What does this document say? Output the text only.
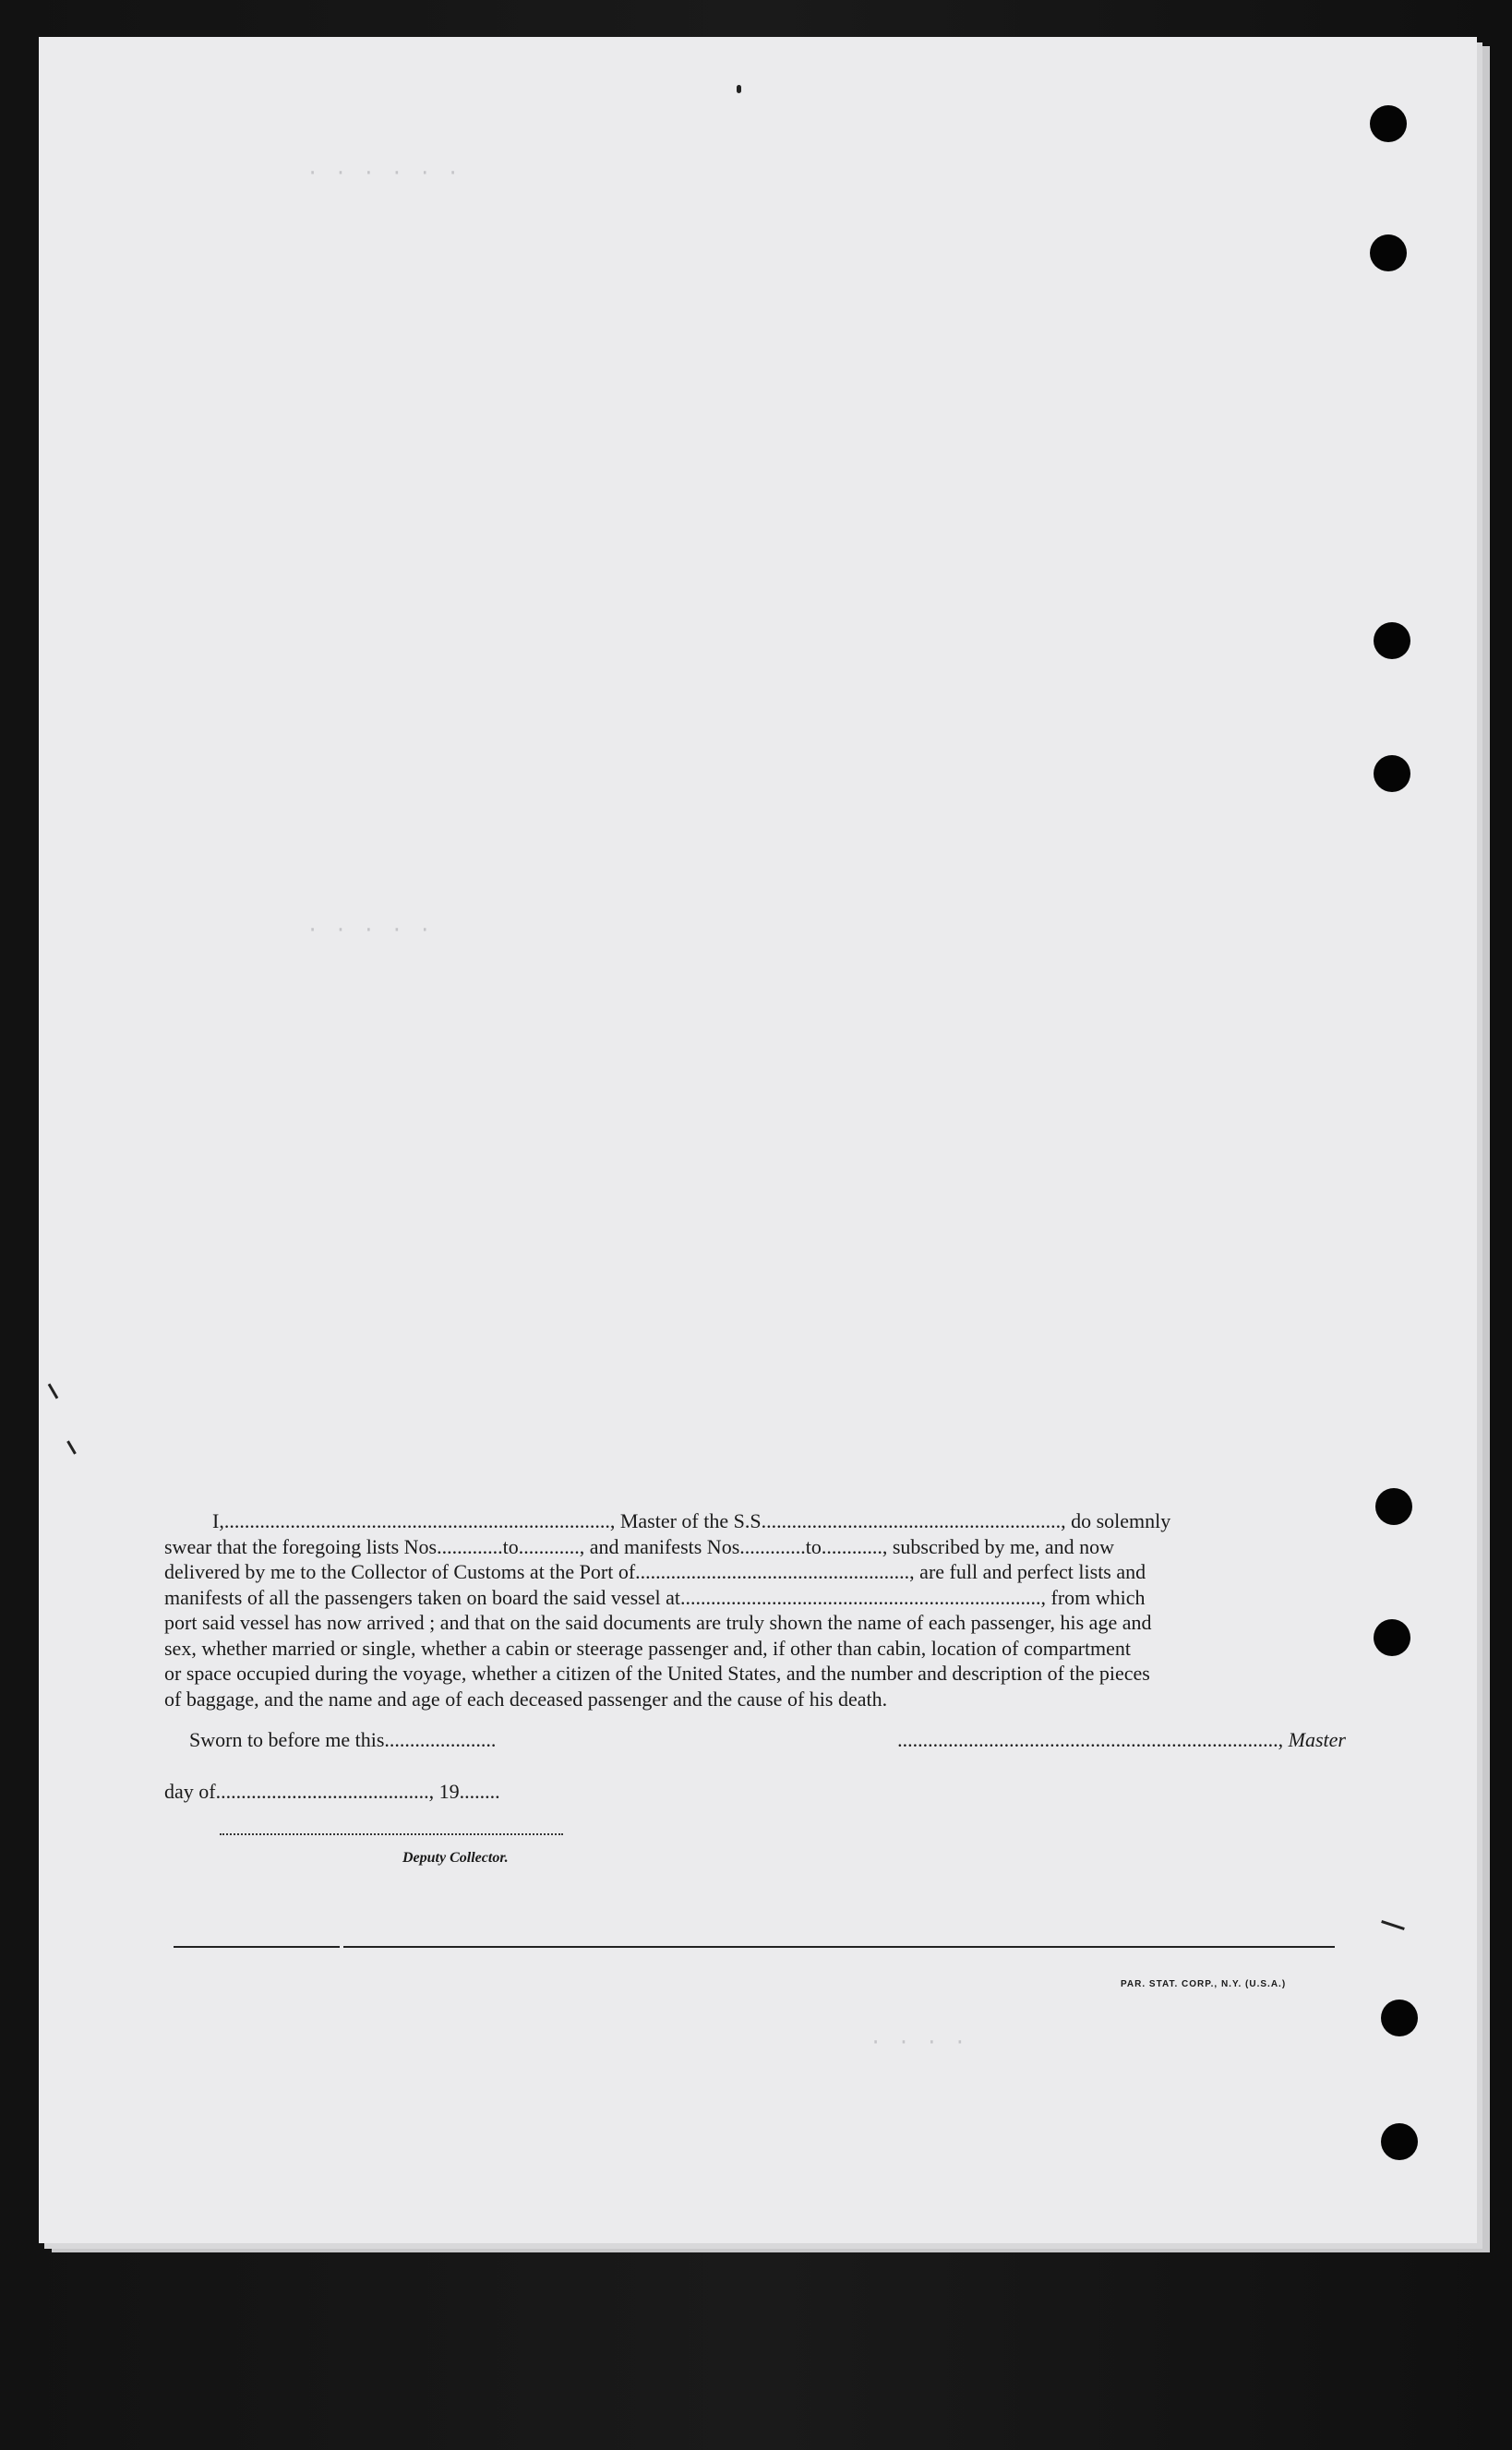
· · · · · ·
· · · · ·
· · · ·
I,............................................................................, Master of the S.S..........................................................., do solemnly
swear that the foregoing lists Nos.............to............, and manifests Nos.............to............, subscribed by me, and now
delivered by me to the Collector of Customs at the Port of......................................................, are full and perfect lists and
manifests of all the passengers taken on board the said vessel at......................................................................., from which
port said vessel has now arrived ; and that on the said documents are truly shown the name of each passenger, his age and
sex, whether married or single, whether a cabin or steerage passenger and, if other than cabin, location of compartment
or space occupied during the voyage, whether a citizen of the United States, and the number and description of the pieces
of baggage, and the name and age of each deceased passenger and the cause of his death.
Sworn to before me this......................	..........................................................................., Master
day of.........................................., 19........
Deputy Collector.
PAR. STAT. CORP., N.Y. (U.S.A.)
